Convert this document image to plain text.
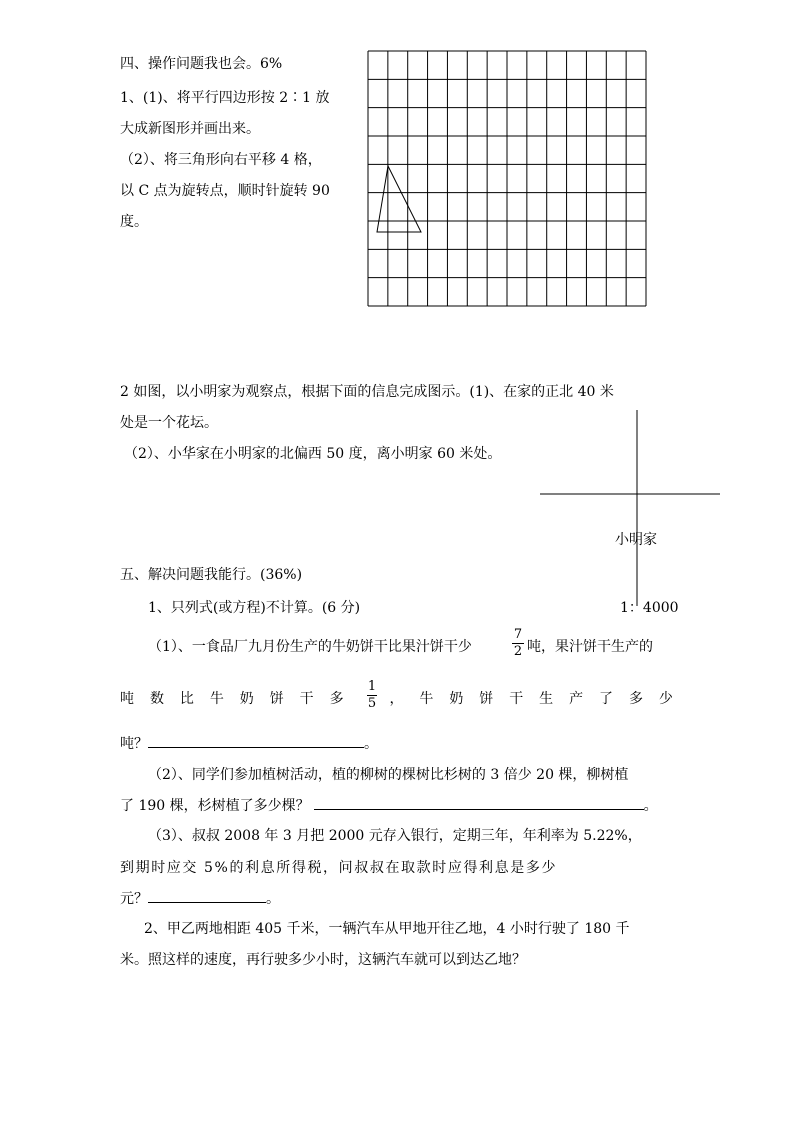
四、操作问题我也会。6%
1、(1)、将平行四边形按 2∶1 放
大成新图形并画出来。
（2）、将三角形向右平移 4 格，
以 C 点为旋转点，顺时针旋转 90
度。
2 如图，以小明家为观察点，根据下面的信息完成图示。(1)、在家的正北 40 米
处是一个花坛。
（2）、小华家在小明家的北偏西 50 度，离小明家 60 米处。
小明家
1：4000
五、解决问题我能行。(36%)
1、只列式(或方程)不计算。(6 分)
（1）、一食品厂九月份生产的牛奶饼干比果汁饼干少
7
2 吨，果汁饼干生产的
吨 数 比 牛 奶 饼 干 多	， 牛 奶 饼 干 生 产 了 多 少
1
5
吨？	。
（2）、同学们参加植树活动，植的柳树的棵树比杉树的 3 倍少 20 棵，柳树植
了 190 棵，杉树植了多少棵？	。
（3）、叔叔 2008 年 3 月把 2000 元存入银行，定期三年，年利率为 5.22%，
到期时应交 5%的利息所得税，问叔叔在取款时应得利息是多少
元？	。
2、甲乙两地相距 405 千米，一辆汽车从甲地开往乙地，4 小时行驶了 180 千
米。照这样的速度，再行驶多少小时，这辆汽车就可以到达乙地？
